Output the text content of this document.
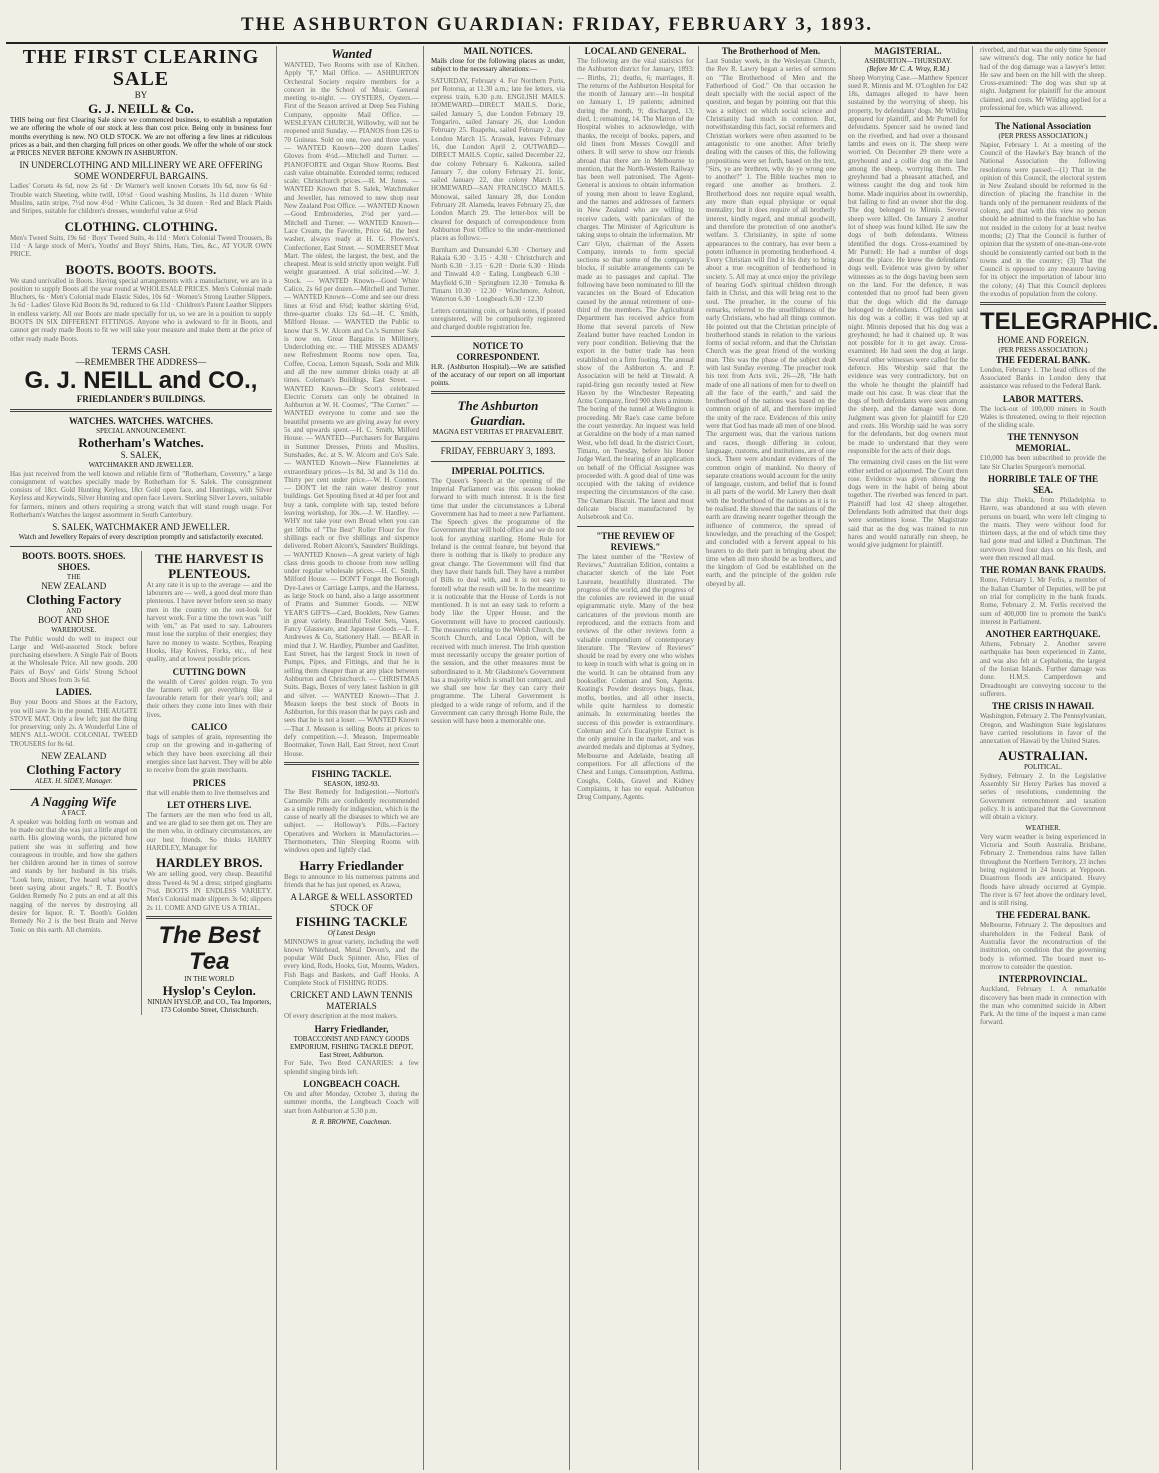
THE ASHBURTON GUARDIAN: FRIDAY, FEBRUARY 3, 1893.
THE FIRST CLEARING SALE
BY
G. J. NEILL & Co.

THIS being our first Clearing Sale since we commenced business, to establish a reputation we are offering the whole of our stock at less than cost price. Being only in business four months everything is new. NO OLD STOCK. We are not offering a few lines at ridiculous prices as a bait, and then charging full prices on other goods. We offer the whole of our stock at PRICES NEVER BEFORE KNOWN IN ASHBURTON.

IN UNDERCLOTHING AND MILLINERY WE ARE OFFERING SOME WONDERFUL BARGAINS.

Ladies' Corsets 4s 6d, now 2s 6d · Dr Warner's well known Corsets 10s 6d, now 6s 6d · Trouble watch Sheeting, white twill, 10½d · Good washing Muslins, 3s 11d dozen · White Muslins, satin stripe, 7½d now 4½d · White Calicoes, 3s 3d dozen · Red and Black Plaids and Stripes, suitable for children's dresses, wonderful value at 6½d

CLOTHING. CLOTHING.

Men's Tweed Suits, 19s 6d · Boys' Tweed Suits, 4s 11d · Men's Colonial Tweed Trousers, 8s 11d · A large stock of Men's, Youths' and Boys' Shirts, Hats, Ties, &c., AT YOUR OWN PRICE.

BOOTS. BOOTS. BOOTS.

We stand unrivalled in Boots. Having special arrangements with a manufacturer, we are in a position to supply Boots all the year round at WHOLESALE PRICES. Men's Colonial made Bluchers, 6s · Men's Colonial made Elastic Sides, 10s 6d · Women's Strong Leather Slippers, 3s 6d · Ladies' Glove Kid Boots 8s 9d, reduced to 6s 11d · Children's Patent Leather Slippers in endless variety. All our Boots are made specially for us, so we are in a position to supply BOOTS IN SIX DIFFERENT FITTINGS. Anyone who is awkward to fit in Boots, and cannot get ready made Boots to fit we will take your measure and make them at the price of other ready made Boots.

TERMS CASH.
—REMEMBER THE ADDRESS—
G. J. NEILL and CO.,
FRIEDLANDER'S BUILDINGS.
WATCHES. WATCHES. WATCHES.
SPECIAL ANNOUNCEMENT.
Rotherham's Watches.
S. SALEK,
WATCHMAKER AND JEWELLER.

Has just received from the well known and reliable firm of "Rotherham, Coventry," a large consignment of watches specially made by Rotherham for S. Salek. The consignment consists of 18ct. Gold Hunting Keyless, 18ct Gold open face, and Huntings, with Silver Keyless and Keywinds, Silver Hunting and open face Levers. Sterling Silver Levers, suitable for farmers, miners and others requiring a strong watch that will stand rough usage. For Rotherham's Watches the largest assortment in South Canterbury.

S. SALEK, WATCHMAKER AND JEWELLER.
Watch and Jewellery Repairs of every description promptly and satisfactorily executed.
BOOTS. BOOTS. SHOES. SHOES.
THE
NEW ZEALAND
Clothing Factory
AND
BOOT AND SHOE
WAREHOUSE.

The Public would do well to inspect our Large and Well-assorted Stock before purchasing elsewhere. A Single Pair of Boots at the Wholesale Price. All new goods. 200 Pairs of Boys' and Girls' Strong School Boots and Shoes from 3s 6d.

LADIES.

Buy your Boots and Shoes at the Factory, you will save 3s in the pound. THE AUGITE STOVE MAT. Only a few left; just the thing for preserving; only 2s. A Wonderful Line of MEN'S ALL-WOOL COLONIAL TWEED TROUSERS for 8s 6d.

NEW ZEALAND
Clothing Factory
ALEX. H. SIDEY, Manager.
A Nagging Wife
A FACT.

A speaker was holding forth on woman and he made out that she was just a little angel on earth. His glowing words, the pictured how patient she was in suffering and how courageous in trouble, and how she gathers her children around her in times of sorrow and stands by her husband in his trials. "Look here, mister, I've heard what you've been saying about angels." R. T. Booth's Golden Remedy No 2 puts an end at all this nagging of the nerves by destroying all desire for liquor. R. T. Booth's Golden Remedy No 2 is the best Brain and Nerve Tonic on this earth. All chemists.

THE HARVEST IS PLENTEOUS.

At any rate it is up to the average — and the labourers are — well, a good deal more than plenteous. I have never before seen so many men in the country on the out-look for harvest work. For a time the town was "stiff with 'em," as Pat used to say. Labourers must lose the surplus of their energies; they have no money to waste. Scythes, Reaping Hooks, Hay Knives, Forks, etc., of best quality, and at lowest possible prices.

CUTTING DOWN

the wealth of Ceres' golden reign. To you the farmers will get everything like a favourable return for their year's toil; and their others they come into lines with their lives.

CALICO

bags of samples of grain, representing the crop on the growing and in-gathering of which they have been exercising all their energies since last harvest. They will be able to receive from the grain merchants.

PRICES

that will enable them to live themselves and

LET OTHERS LIVE.

The farmers are the men who feed us all, and we are glad to see them get on. They are the men who, in ordinary circumstances, are our best friends. So thinks HARRY HARDLEY, Manager for

HARDLEY BROS.

We are selling good, very cheap. Beautiful dress Tweed 4s 9d a dress; striped ginghams 7½d. BOOTS IN ENDLESS VARIETY. Men's Colonial made slippers 3s 6d; slippers 2s 11. COME AND GIVE US A TRIAL.

The Best Tea
IN THE WORLD
Hyslop's Ceylon.
NINIAN HYSLOP, and CO., Tea Importers, 173 Colombo Street, Christchurch.
Wanted

WANTED, Two Rooms with use of Kitchen. Apply "F," Mail Office. — ASHBURTON Orchestral Society require members for a concert in the School of Music. General meeting to-night. — OYSTERS, Oysters.—First of the Season arrived at Deep Sea Fishing Company, opposite Mail Office. — WESLEYAN CHURCH, Willowby, will not be reopened until Sunday. — PIANOS from £26 to 70 Guineas. Sold on one, two and three years. — WANTED Known—200 dozen Ladies' Gloves from 4½d.—Mitchell and Turner. — PIANOFORTE and Organ Show Rooms. Best cash value obtainable. Extended terms; reduced scale; Christchurch prices.—H. M. Jones. — WANTED Known that S. Salek, Watchmaker and Jeweller, has removed to new shop near New Zealand Post Office. — WANTED Known—Good Embroideries, 2½d per yard.—Mitchell and Turner. — WANTED Known—Lace Cream, the Favorite, Price 6d, the best washer, always ready at H. G. Flowers's, Confectioner, East Street. — SOMERSET Meat Mart. The oldest, the largest, the best, and the cheapest. Meat is sold strictly upon weight. Full weight guaranteed. A trial solicited.—W. J. Stock. — WANTED Known—Good White Calico, 2s 6d per dozen.—Mitchell and Turner. — WANTED Known—Come and see our dress lines at 6½d and 6¾d; leather skirting 6½d, three-quarter cloaks 12s 6d.—H. C. Smith, Milford House. — WANTED the Public to know that S. W. Alcorn and Co.'s Summer Sale is now on. Great Bargains in Millinery, Underclothing etc. — THE MISSES ADAMS' new Refreshment Rooms now open. Tea, Coffee, Cocoa, Lemon Squash, Soda and Milk and all the new summer drinks ready at all times. Coleman's Buildings, East Street. — WANTED Known—Dr Scott's celebrated Electric Corsets can only be obtained in Ashburton at W. H. Coomes', "The Corner." — WANTED everyone to come and see the beautiful presents we are giving away for every 5s and upwards spent.—H. C. Smith, Milford House. — WANTED—Purchasers for Bargains in Summer Dresses, Prints and Muslins, Sunshades, &c. at S. W. Alcorn and Co's Sale. — WANTED Known—New Flannelettes at extraordinary prices—1s 8d, 3d and 3s 11d do. Thirty per cent under price.—W. H. Coomes. — DON'T let the rain water destroy your buildings. Get Spouting fixed at 4d per foot and buy a tank, complete with tap, tested before leaving workshop, for 30s.—J. W. Hardley. — WHY not take your own Bread when you can get 50lbs of "The Best" Roller Flour for five shillings each or five shillings and sixpence delivered. Robert Alcorn's, Saunders' Buildings. — WANTED Known—A great variety of high class dress goods to choose from now selling under regular wholesale prices.—H. C. Smith, Milford House. — DON'T Forget the Borough Dye-Laws or Carriage Lamps, and the Harness, as large Stock on hand, also a large assortment of Prams and Summer Goods. — NEW YEAR'S GIFTS—Card, Booklets, New Games in great variety. Beautiful Toilet Sets, Vases, Fancy Glassware, and Japanese Goods.—L. F. Andrewes & Co, Stationery Hall. — BEAR in mind that J. W. Hardley, Plumber and Gasfitter, East Street, has the largest Stock in town of Pumps, Pipes, and Fittings, and that he is selling them cheaper than at any place between Ashburton and Christchurch. — CHRISTMAS Suits. Bags, Boxes of very latest fashion in gilt and silver. — WANTED Known—That J. Meason keeps the best stock of Boots in Ashburton, for this reason that he pays cash and sees that he is not a loser. — WANTED Known—That J. Meason is selling Boots at prices to defy competition.—J. Meason, Impermeable Bootmaker, Town Hall, East Street, next Court House.

FISHING TACKLE.
SEASON, 1892-93.

The Best Remedy for Indigestion.—Norton's Camomile Pills are confidently recommended as a simple remedy for indigestion, which is the cause of nearly all the diseases to which we are subject. — Holloway's Pills.—Factory Operatives and Workers in Manufactories.—Thermometers, Thin Sleeping Rooms with windows open and lightly clad.

Harry Friedlander

Begs to announce to his numerous patrons and friends that he has just opened, ex Arawa,

A LARGE & WELL ASSORTED STOCK OF
FISHING TACKLE
Of Latest Design

MINNOWS in great variety, including the well known Whitehead, Metal Devon's, and the popular Wild Duck Spinner. Also, Flies of every kind, Rods, Hooks, Gut, Mounts, Waders, Fish Bags and Baskets, and Gaff Hooks. A Complete Stock of FISHING RODS.

CRICKET AND LAWN TENNIS MATERIALS

Of every description at the most makers.

Harry Friedlander,
TOBACCONIST AND FANCY GOODS EMPORIUM, FISHING TACKLE DEPOT, East Street, Ashburton.

For Sale, Two Bred CANARIES: a few splendid singing birds left.

LONGBEACH COACH.

On and after Monday, October 3, during the summer months, the Longbeach Coach will start from Ashburton at 5.30 p.m.

R. R. BROWNE, Coachman.
MAIL NOTICES.

Mails close for the following places as under, subject to the necessary alterations:—

SATURDAY, February 4. For Northern Ports, per Rotorua, at 11.30 a.m.; late fee letters, via express train, 6.30 p.m. ENGLISH MAILS. HOMEWARD—DIRECT MAILS. Doric, sailed January 5, due London February 19. Tongariro, sailed January 26, due London February 25. Ruapehu, sailed February 2, due London March 15. Arawak, leaves February 16, due London April 2. OUTWARD—DIRECT MAILS. Coptic, sailed December 22, due colony February 6. Kaikoura, sailed January 7, due colony February 21. Ionic, sailed January 22, due colony March 15. HOMEWARD—SAN FRANCISCO MAILS. Monowai, sailed January 28, due London February 28. Alameda, leaves February 25, due London March 29. The letter-box will be cleared for despatch of correspondence from Ashburton Post Office to the under-mentioned places as follows:—

Burnham and Dunsandel 6.30 · Chertsey and Rakaia 6.30 · 3.15 · 4.30 · Christchurch and North 6.30 · 3.15 · 6.20 · Dorie 6.30 · Hinds and Tinwald 4.0 · Ealing, Longbeach 6.30 · Mayfield 6.30 · Springburn 12.30 · Temuka & Timaru 10.30 · 12.30 · Winchmore, Ashton, Waterton 6.30 · Longbeach 6.30 · 12.30

Letters containing coin, or bank notes, if posted unregistered, will be compulsorily registered and charged double registration fee.

NOTICE TO CORRESPONDENT.

H.R. (Ashburton Hospital).—We are satisfied of the accuracy of our report on all important points.

The Ashburton Guardian.
MAGNA EST VERITAS ET PRAEVALEBIT.
FRIDAY, FEBRUARY 3, 1893.
IMPERIAL POLITICS.

The Queen's Speech at the opening of the Imperial Parliament was this season looked forward to with much interest. It is the first time that under the circumstances a Liberal Government has had to meet a new Parliament. The Speech gives the programme of the Government that will hold office and we do not look for anything startling. Home Rule for Ireland is the central feature, but beyond that there is nothing that is likely to produce any great change. The Government will find that they have their hands full. They have a number of Bills to deal with, and it is not easy to foretell what the result will be. In the meantime it is noticeable that the House of Lords is not mentioned. It is not an easy task to reform a body like the Upper House, and the Government will have to proceed cautiously. The measures relating to the Welsh Church, the Scotch Church, and Local Option, will be received with much interest. The Irish question must necessarily occupy the greater portion of the session, and the other measures must be subordinated to it. Mr Gladstone's Government has a majority which is small but compact, and we shall see how far they can carry their programme. The Liberal Government is pledged to a wide range of reform, and if the Government can carry through Home Rule, the session will have been a memorable one.

LOCAL AND GENERAL.

The following are the vital statistics for the Ashburton district for January, 1893:— Births, 21; deaths, 6; marriages, 8. The returns of the Ashburton Hospital for the month of January are:—In hospital on January 1, 19 patients; admitted during the month, 9; discharged, 13; died, 1; remaining, 14. The Matron of the Hospital wishes to acknowledge, with thanks, the receipt of books, papers, and old linen from Messrs Cowgill and others. It will serve to show our friends abroad that there are in Melbourne to mention, that the North-Western Railway has been well patronised. The Agent-General is anxious to obtain information of young men about to leave England, and the names and addresses of farmers in New Zealand who are willing to receive cadets, with particulars of the charges. The Minister of Agriculture is taking steps to obtain the information. Mr Carr Glyn, chairman of the Assets Company, intends to form special sections so that some of the company's blocks, if suitable arrangements can be made as to passages and capital. The following have been nominated to fill the vacancies on the Board of Education caused by the annual retirement of one-third of the members. The Agricultural Department has received advice from Home that several parcels of New Zealand butter have reached London in very poor condition. Believing that the export in the butter trade has been established on a firm footing. The annual show of the Ashburton A. and P. Association will be held at Tinwald. A rapid-firing gun recently tested at New Haven by the Winchester Repeating Arms Company, fired 900 shots a minute. The boring of the tunnel at Wellington is proceeding. Mr Rae's case came before the court yesterday. An inquest was held at Geraldine on the body of a man named West, who fell dead. In the district Court, Timaru, on Tuesday, before his Honor Judge Ward, the hearing of an application on behalf of the Official Assignee was proceeded with. A good deal of time was occupied with the taking of evidence respecting the circumstances of the case. The Oamaru Biscuit. The latest and most delicate biscuit manufactured by Aulsebrook and Co.

"THE REVIEW OF REVIEWS."

The latest number of the "Review of Reviews," Australian Edition, contains a character sketch of the late Poet Laureate, beautifully illustrated. The progress of the world, and the progress of the colonies are reviewed in the usual epigrammatic style. Many of the best caricatures of the previous month are reproduced, and the extracts from and reviews of the other reviews form a valuable compendium of contemporary literature. The "Review of Reviews" should be read by every one who wishes to keep in touch with what is going on in the world. It can be obtained from any bookseller. Coleman and Son, Agents. Keating's Powder destroys bugs, fleas, moths, beetles, and all other insects, while quite harmless to domestic animals. In exterminating beetles the success of this powder is extraordinary. Coleman and Co's Eucalypte Extract is the only genuine in the market, and was awarded medals and diplomas at Sydney, Melbourne and Adelaide, beating all competitors. For all affections of the Chest and Lungs, Consumption, Asthma, Coughs, Colds, Gravel and Kidney Complaints, it has no equal. Ashburton Drug Company, Agents.

The Brotherhood of Men.

Last Sunday week, in the Wesleyan Church, the Rev R. Lawry began a series of sermons on "The Brotherhood of Men and the Fatherhood of God." On that occasion he dealt specially with the social aspect of the question, and began by pointing out that this was a subject on which social science and Christianity had much in common. But, notwithstanding this fact, social reformers and Christian workers were often assumed to be antagonistic to one another. After briefly dealing with the causes of this, the following propositions were set forth, based on the text, "Sirs, ye are brethren, why do ye wrong one to another?" 1. The Bible teaches men to regard one another as brothers. 2. Brotherhood does not require equal wealth, any more than equal physique or equal mentality; but it does require of all brotherly interest, kindly regard, and mutual goodwill, and therefore the protection of one another's welfare. 3. Christianity, in spite of some appearances to the contrary, has ever been a potent influence in promoting brotherhood. 4. Every Christian will find it his duty to bring about a true recognition of brotherhood in society. 5. All may at once enjoy the privilege of hearing God's spiritual children through faith in Christ, and this will bring rest to the soul. The preacher, in the course of his remarks, referred to the unselfishness of the early Christians, who had all things common. He pointed out that the Christian principle of brotherhood stands in relation to the various forms of social reform, and that the Christian Church was the great friend of the working man. This was the phase of the subject dealt with last Sunday evening. The preacher took his text from Acts xvii., 26—28, "He hath made of one all nations of men for to dwell on all the face of the earth," and said the brotherhood of the nations was based on the common origin of all, and therefore implied the unity of the race. Evidences of this unity were that God has made all men of one blood. The argument was, that the various nations and races, though differing in colour, language, customs, and institutions, are of one stock. There were abundant evidences of the common origin of mankind. No theory of separate creations would account for the unity of language, custom, and belief that is found in all parts of the world. Mr Lawry then dealt with the brotherhood of the nations as it is to be realised. He showed that the nations of the earth are drawing nearer together through the influence of commerce, the spread of knowledge, and the preaching of the Gospel; and concluded with a fervent appeal to his hearers to do their part in bringing about the time when all men should be as brothers, and the kingdom of God be established on the earth, and the principle of the golden rule obeyed by all.

MAGISTERIAL.
ASHBURTON—THURSDAY.
(Before Mr C. A. Wray, R.M.)

Sheep Worrying Case.—Matthew Spencer sued R. Minnis and M. O'Loghlen for £42 18s, damages alleged to have been sustained by the worrying of sheep, his property, by defendants' dogs. Mr Wilding appeared for plaintiff, and Mr Purnell for defendants. Spencer said he owned land on the riverbed, and had over a thousand lambs and ewes on it. The sheep were worried. On December 29 there were a greyhound and a collie dog on the land among the sheep, worrying them. The greyhound had a pheasant attached, and witness caught the dog and took him home. Made inquiries about its ownership, but failing to find an owner shot the dog. The dog belonged to Minnis. Several sheep were killed. On January 2 another lot of sheep was found killed. He saw the dogs of both defendants. Witness identified the dogs. Cross-examined by Mr Purnell: He had a number of dogs about the place. He knew the defendants' dogs well. Evidence was given by other witnesses as to the dogs having been seen on the land. For the defence, it was contended that no proof had been given that the dogs which did the damage belonged to defendants. O'Loghlen said his dog was a collie; it was tied up at night. Minnis deposed that his dog was a greyhound; he had it chained up. It was not possible for it to get away. Cross-examined: He had seen the dog at large. Several other witnesses were called for the defence. His Worship said that the evidence was very contradictory, but on the whole he thought the plaintiff had made out his case. It was clear that the dogs of both defendants were seen among the sheep, and the damage was done. Judgment was given for plaintiff for £20 and costs. His Worship said he was sorry for the defendants, but dog owners must be made to understand that they were responsible for the acts of their dogs.

The remaining civil cases on the list were either settled or adjourned. The Court then rose. Evidence was given showing the dogs were in the habit of being about together. The riverbed was fenced in part. Plaintiff had lost 42 sheep altogether. Defendants both admitted that their dogs were sometimes loose. The Magistrate said that as the dog was trained to run hares and would naturally run sheep, he would give judgment for plaintiff.

riverbed, and that was the only time Spencer saw witness's dog. The only notice he had had of the dog damage was a lawyer's letter. He saw and been on the hill with the sheep. Cross-examined: The dog was shut up at night. Judgment for plaintiff for the amount claimed, and costs. Mr Wilding applied for a professional fee, which was allowed.

The National Association
(PER PRESS ASSOCIATION.)

Napier, February 1. At a meeting of the Council of the Hawke's Bay branch of the National Association the following resolutions were passed:—(1) That in the opinion of this Council, the electoral system in New Zealand should be reformed in the direction of placing the franchise in the hands only of the permanent residents of the colony, and that with this view no person should be admitted to the franchise who has not resided in the colony for at least twelve months; (2) That the Council is further of opinion that the system of one-man-one-vote should be consistently carried out both in the towns and in the country; (3) That the Council is opposed to any measure having for its object the importation of labour into the colony; (4) That this Council deplores the exodus of population from the colony.

TELEGRAPHIC.
HOME AND FOREIGN.
(PER PRESS ASSOCIATION.)
THE FEDERAL BANK.

London, February 1. The head offices of the Associated Banks in London deny that assistance was refused to the Federal Bank.

LABOR MATTERS.

The lock-out of 100,000 miners in South Wales is threatened, owing to their rejection of the sliding scale.

THE TENNYSON MEMORIAL.

£10,000 has been subscribed to provide the late Sir Charles Spurgeon's memorial.

HORRIBLE TALE OF THE SEA.

The ship Thekla, from Philadelphia to Havre, was abandoned at sea with eleven persons on board, who were left clinging to the masts. They were without food for thirteen days, at the end of which time they had gone mad and killed a Dutchman. The survivors lived four days on his flesh, and were then rescued all mad.

THE ROMAN BANK FRAUDS.

Rome, February 1. Mr Ferlis, a member of the Italian Chamber of Deputies, will be put on trial for complicity in the bank frauds. Rome, February 2. M. Ferlis received the sum of 400,000 lire to promote the bank's interest in Parliament.

ANOTHER EARTHQUAKE.

Athens, February 2. Another severe earthquake has been experienced in Zante, and was also felt at Cephalonia, the largest of the Ionian Islands. Further damage was done. H.M.S. Camperdown and Dreadnought are conveying succour to the sufferers.

THE CRISIS IN HAWAII.

Washington, February 2. The Pennsylvanian, Oregon, and Washington State legislatures have carried resolutions in favor of the annexation of Hawaii by the United States.

AUSTRALIAN.
POLITICAL.

Sydney, February 2. In the Legislative Assembly Sir Henry Parkes has moved a series of resolutions, condemning the Government retrenchment and taxation policy. It is anticipated that the Government will obtain a victory.

WEATHER.

Very warm weather is being experienced in Victoria and South Australia. Brisbane, February 2. Tremendous rains have fallen throughout the Northern Territory, 23 inches being registered in 24 hours at Yeppoon. Disastrous floods are anticipated. Heavy floods have already occurred at Gympie. The river is 67 feet above the ordinary level, and is still rising.

THE FEDERAL BANK.

Melbourne, February 2. The depositors and shareholders in the Federal Bank of Australia favor the reconstruction of the institution, on condition that the governing body is reformed. The board meet to-morrow to consider the question.

INTERPROVINCIAL.

Auckland, February 1. A remarkable discovery has been made in connection with the man who committed suicide in Albert Park. At the time of the inquest a man came forward.
